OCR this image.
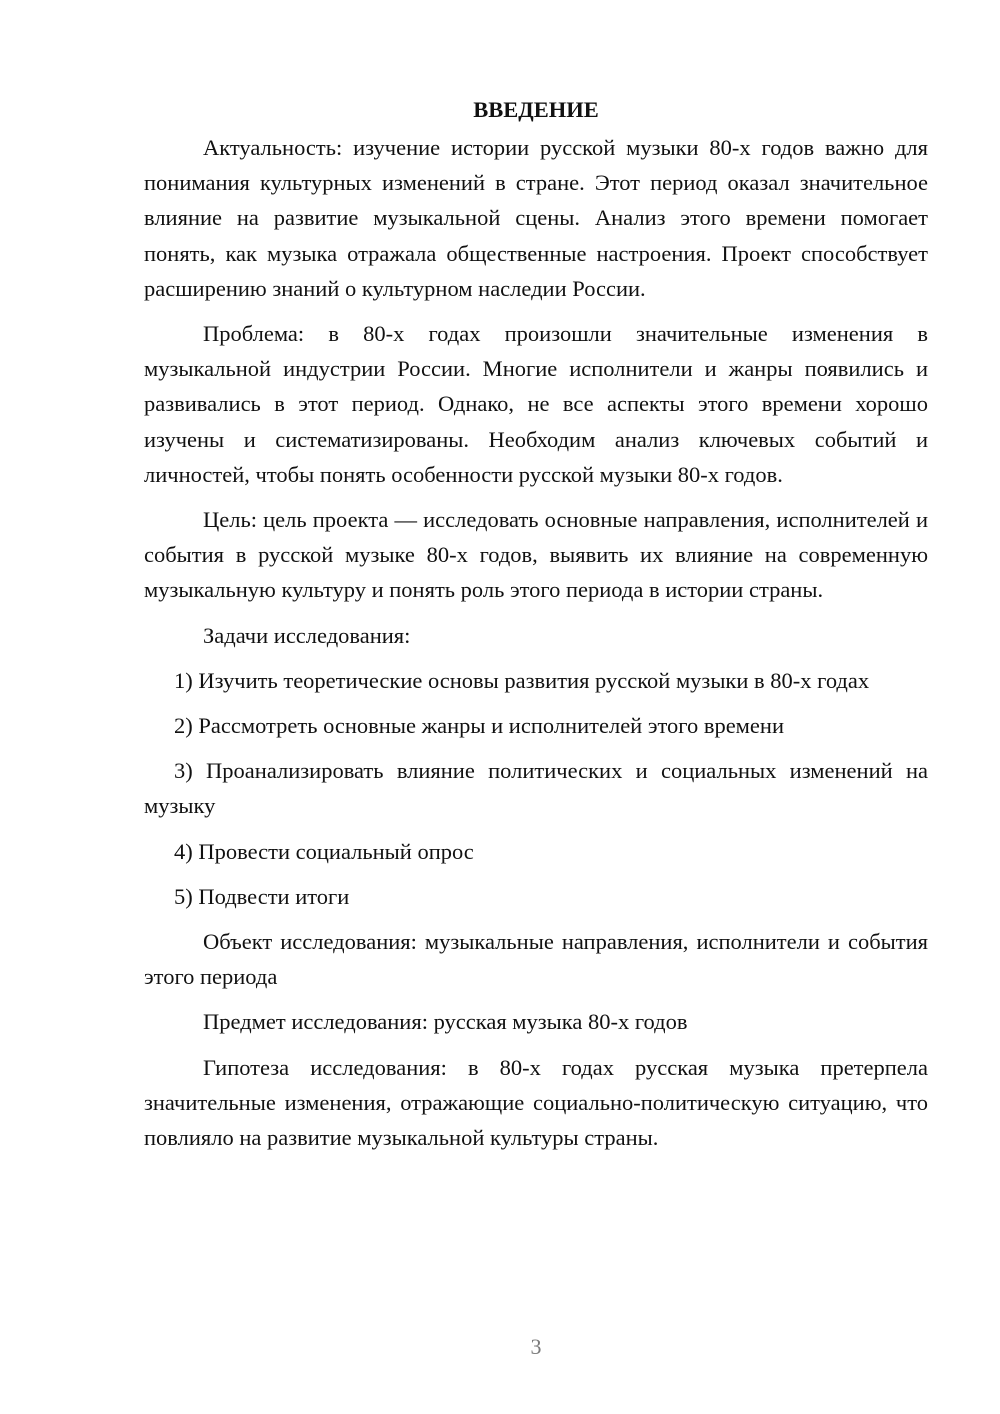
ВВЕДЕНИЕ

Актуальность: изучение истории русской музыки 80-х годов важно для понимания культурных изменений в стране. Этот период оказал значительное влияние на развитие музыкальной сцены. Анализ этого времени помогает понять, как музыка отражала общественные настроения. Проект способствует расширению знаний о культурном наследии России.

Проблема: в 80-х годах произошли значительные изменения в музыкальной индустрии России. Многие исполнители и жанры появились и развивались в этот период. Однако, не все аспекты этого времени хорошо изучены и систематизированы. Необходим анализ ключевых событий и личностей, чтобы понять особенности русской музыки 80-х годов.

Цель: цель проекта — исследовать основные направления, исполнителей и события в русской музыке 80-х годов, выявить их влияние на современную музыкальную культуру и понять роль этого периода в истории страны.

Задачи исследования:

1) Изучить теоретические основы развития русской музыки в 80-х годах

2) Рассмотреть основные жанры и исполнителей этого времени

3) Проанализировать влияние политических и социальных изменений на музыку

4) Провести социальный опрос

5) Подвести итоги

Объект исследования: музыкальные направления, исполнители и события этого периода

Предмет исследования: русская музыка 80-х годов

Гипотеза исследования: в 80-х годах русская музыка претерпела значительные изменения, отражающие социально-политическую ситуацию, что повлияло на развитие музыкальной культуры страны.

3
